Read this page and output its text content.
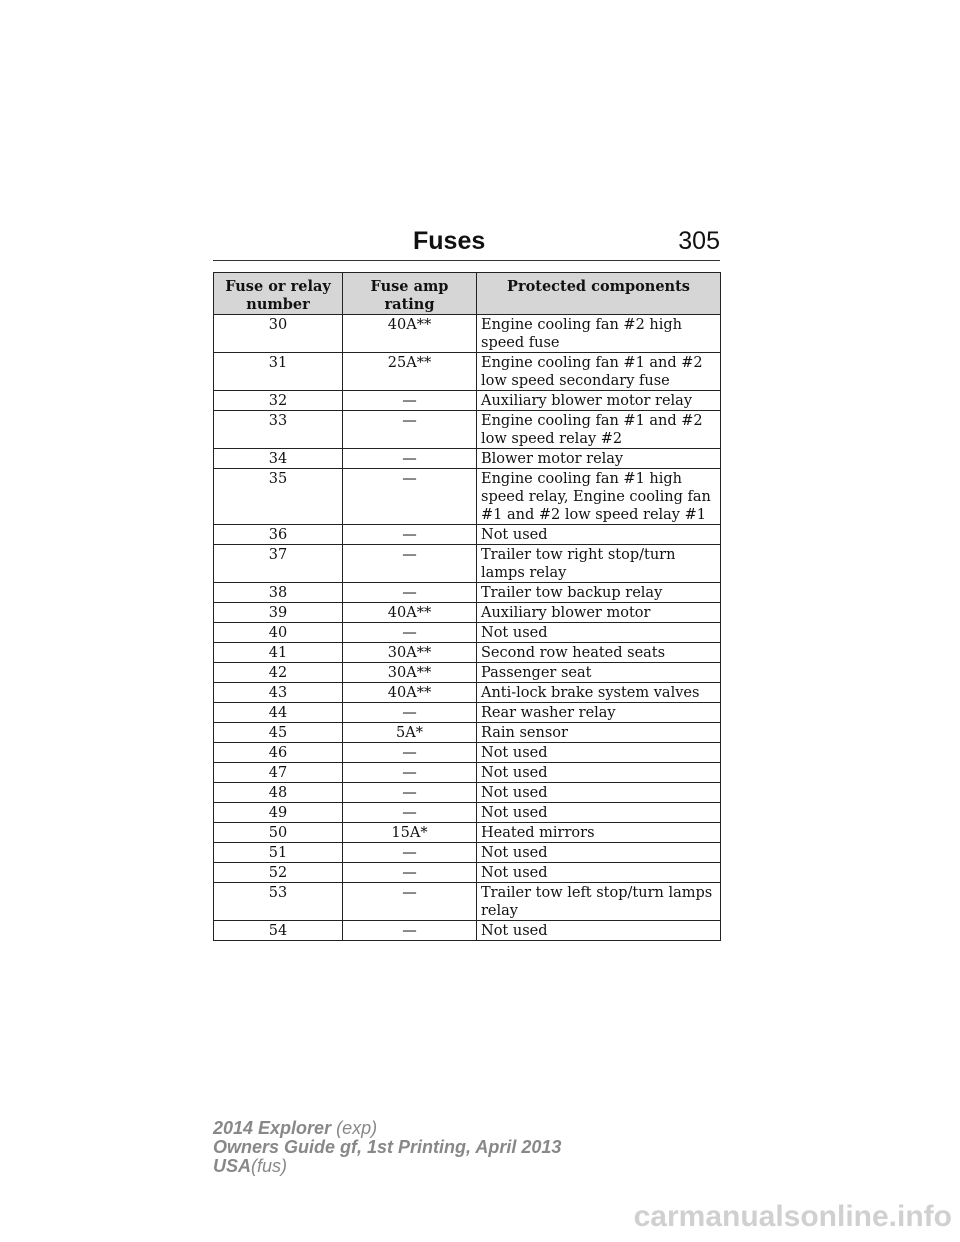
Fuses	305
Fuse or relay number	Fuse amp rating	Protected components
30	40A**	Engine cooling fan #2 high speed fuse
31	25A**	Engine cooling fan #1 and #2 low speed secondary fuse
32	—	Auxiliary blower motor relay
33	—	Engine cooling fan #1 and #2 low speed relay #2
34	—	Blower motor relay
35	—	Engine cooling fan #1 high speed relay, Engine cooling fan #1 and #2 low speed relay #1
36	—	Not used
37	—	Trailer tow right stop/turn lamps relay
38	—	Trailer tow backup relay
39	40A**	Auxiliary blower motor
40	—	Not used
41	30A**	Second row heated seats
42	30A**	Passenger seat
43	40A**	Anti-lock brake system valves
44	—	Rear washer relay
45	5A*	Rain sensor
46	—	Not used
47	—	Not used
48	—	Not used
49	—	Not used
50	15A*	Heated mirrors
51	—	Not used
52	—	Not used
53	—	Trailer tow left stop/turn lamps relay
54	—	Not used
2014 Explorer (exp)
Owners Guide gf, 1st Printing, April 2013
USA(fus)
carmanualsonline.info
